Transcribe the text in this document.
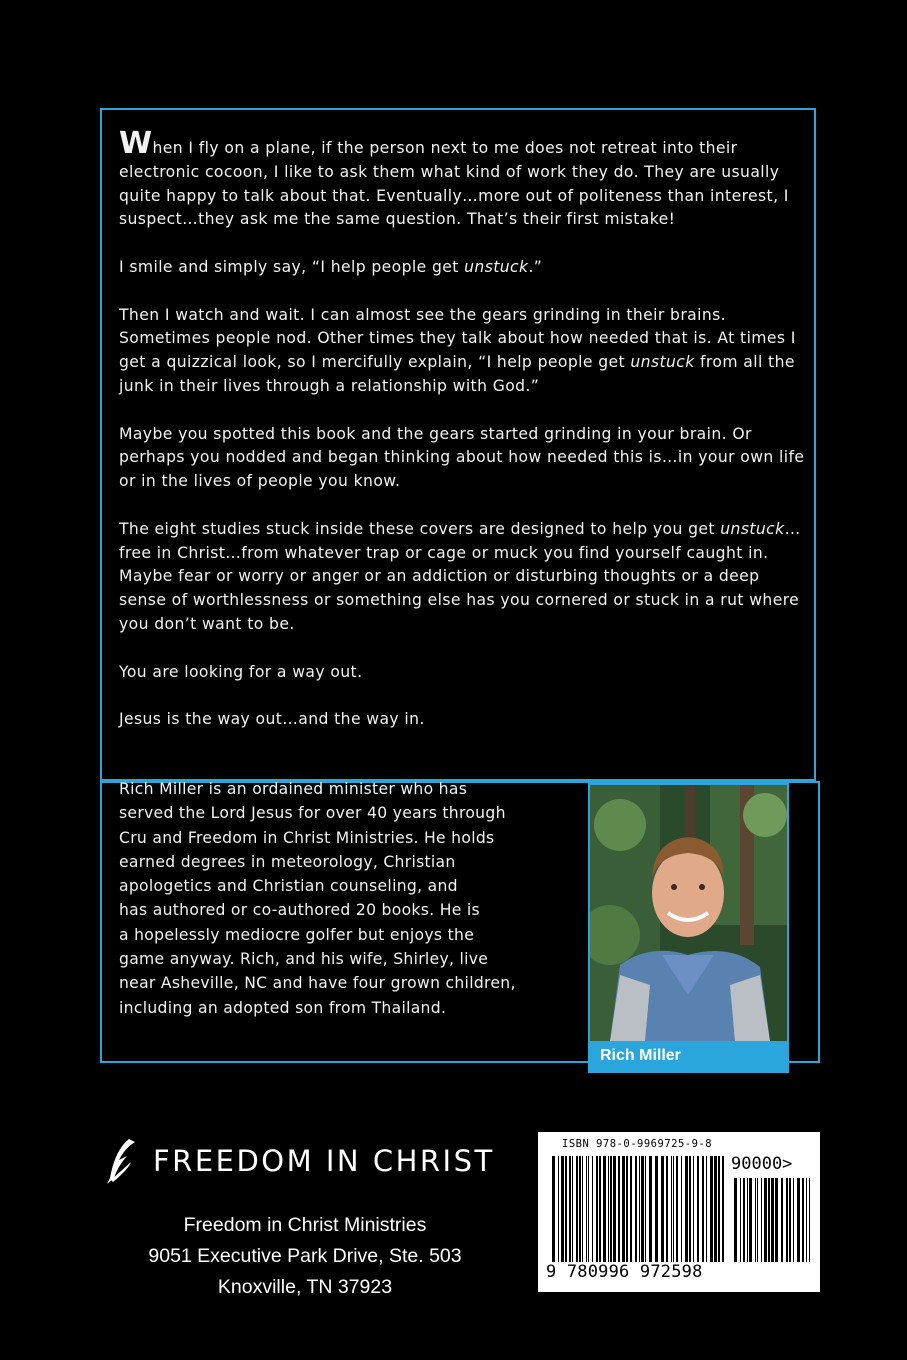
When I fly on a plane, if the person next to me does not retreat into their electronic cocoon, I like to ask them what kind of work they do. They are usually quite happy to talk about that. Eventually…more out of politeness than interest, I suspect…they ask me the same question. That’s their first mistake!

I smile and simply say, “I help people get unstuck.”

Then I watch and wait. I can almost see the gears grinding in their brains. Sometimes people nod. Other times they talk about how needed that is. At times I get a quizzical look, so I mercifully explain, “I help people get unstuck from all the junk in their lives through a relationship with God.”

Maybe you spotted this book and the gears started grinding in your brain. Or perhaps you nodded and began thinking about how needed this is…in your own life or in the lives of people you know.

The eight studies stuck inside these covers are designed to help you get unstuck…free in Christ…from whatever trap or cage or muck you find yourself caught in. Maybe fear or worry or anger or an addiction or disturbing thoughts or a deep sense of worthlessness or something else has you cornered or stuck in a rut where you don’t want to be.

You are looking for a way out.

Jesus is the way out…and the way in.

Rich Miller is an ordained minister who has
served the Lord Jesus for over 40 years through
Cru and Freedom in Christ Ministries. He holds
earned degrees in meteorology, Christian
apologetics and Christian counseling, and
has authored or co-authored 20 books. He is
a hopelessly mediocre golfer but enjoys the
game anyway. Rich, and his wife, Shirley, live
near Asheville, NC and have four grown children,
including an adopted son from Thailand.
Rich Miller
FREEDOM IN CHRIST
Freedom in Christ Ministries
9051 Executive Park Drive, Ste. 503
Knoxville, TN 37923
ISBN 978-0-9969725-9-8
90000>
9 780996 972598
